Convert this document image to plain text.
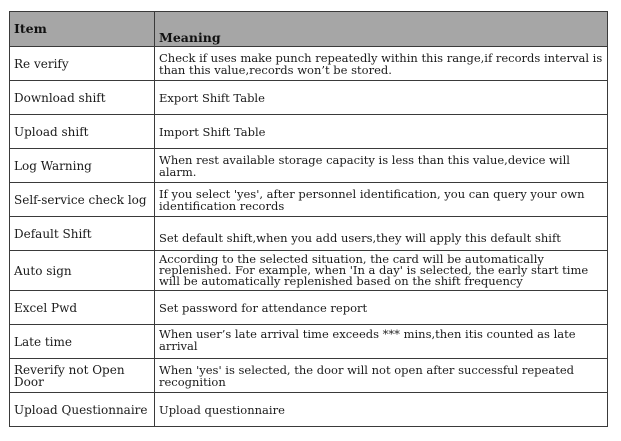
Item	Meaning
Re verify	Check if uses make punch repeatedly within this range,if records interval is than this value,records won’t be stored.
Download shift	Export Shift Table
Upload shift	Import Shift Table
Log Warning	When rest available storage capacity is less than this value,device will alarm.
Self-service check log	If you select 'yes', after personnel identification, you can query your own identification records
Default Shift	Set default shift,when you add users,they will apply this default shift
Auto sign	According to the selected situation, the card will be automatically replenished. For example, when 'In a day' is selected, the early start time will be automatically replenished based on the shift frequency
Excel Pwd	Set password for attendance report
Late time	When user’s late arrival time exceeds *** mins,then itis counted as late arrival
Reverify not Open Door	When 'yes' is selected, the door will not open after successful repeated recognition
Upload Questionnaire	Upload questionnaire
